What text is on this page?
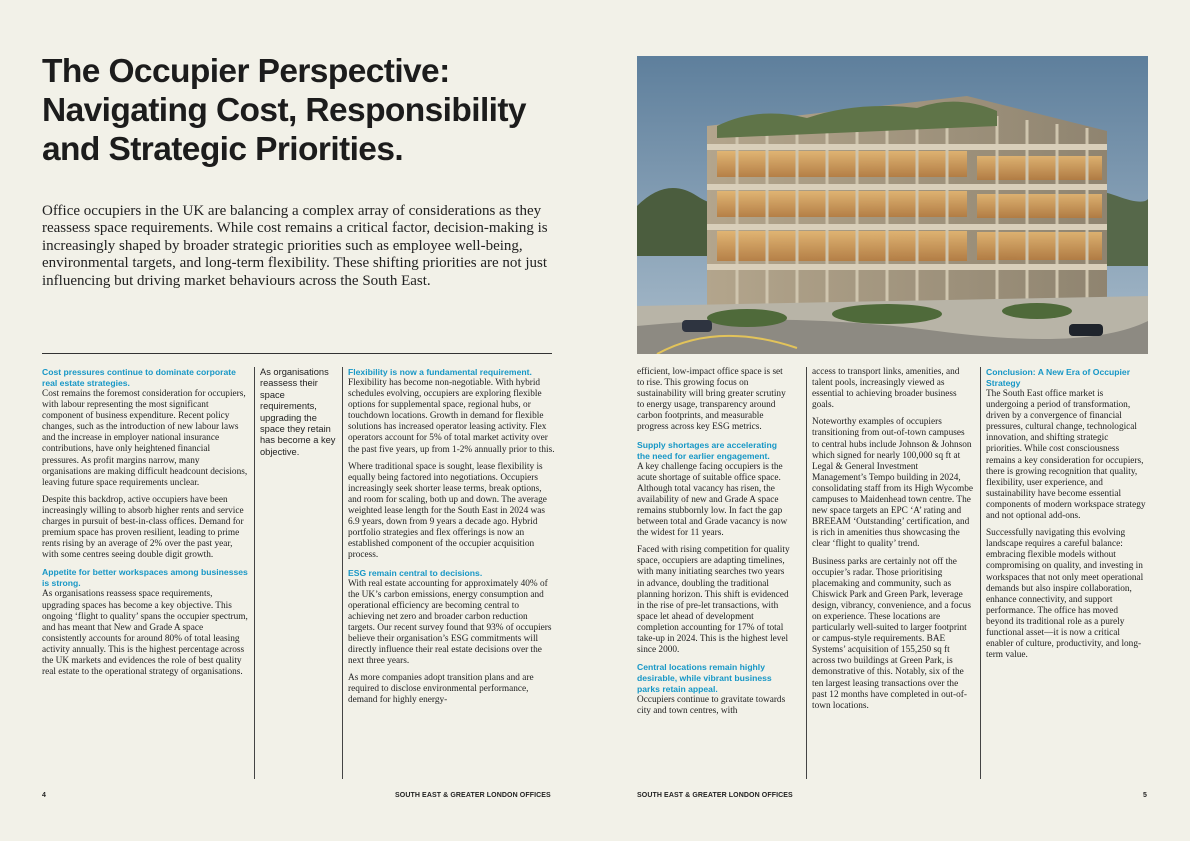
The Occupier Perspective: Navigating Cost, Responsibility and Strategic Priorities.

Office occupiers in the UK are balancing a complex array of considerations as they reassess space requirements. While cost remains a critical factor, decision-making is increasingly shaped by broader strategic priorities such as employee well-being, environmental targets, and long-term flexibility. These shifting priorities are not just influencing but driving market behaviours across the South East.

Cost pressures continue to dominate corporate real estate strategies.

Cost remains the foremost consideration for occupiers, with labour representing the most significant component of business expenditure. Recent policy changes, such as the introduction of new labour laws and the increase in employer national insurance contributions, have only heightened financial pressures. As profit margins narrow, many organisations are making difficult headcount decisions, leaving future space requirements unclear.

Despite this backdrop, active occupiers have been increasingly willing to absorb higher rents and service charges in pursuit of best-in-class offices. Demand for premium space has proven resilient, leading to prime rents rising by an average of 2% over the past year, with some centres seeing double digit growth.

Appetite for better workspaces among businesses is strong.

As organisations reassess space requirements, upgrading spaces has become a key objective. This ongoing ‘flight to quality’ spans the occupier spectrum, and has meant that New and Grade A space consistently accounts for around 80% of total leasing activity annually. This is the highest percentage across the UK markets and evidences the role of best quality real estate to the operational strategy of organisations.

As organisations reassess their space requirements, upgrading the space they retain has become a key objective.
Flexibility is now a fundamental requirement.

Flexibility has become non-negotiable. With hybrid schedules evolving, occupiers are exploring flexible options for supplemental space, regional hubs, or touchdown locations. Growth in demand for flexible solutions has increased operator leasing activity. Flex operators account for 5% of total market activity over the past five years, up from 1-2% annually prior to this.

Where traditional space is sought, lease flexibility is equally being factored into negotiations. Occupiers increasingly seek shorter lease terms, break options, and room for scaling, both up and down. The average weighted lease length for the South East in 2024 was 6.9 years, down from 9 years a decade ago. Hybrid portfolio strategies and flex offerings is now an established component of the occupier acquisition process.

ESG remain central to decisions.

With real estate accounting for approximately 40% of the UK’s carbon emissions, energy consumption and operational efficiency are becoming central to achieving net zero and broader carbon reduction targets. Our recent survey found that 93% of occupiers believe their organisation’s ESG commitments will directly influence their real estate decisions over the next three years.

As more companies adopt transition plans and are required to disclose environmental performance, demand for highly energy-

4	SOUTH EAST & GREATER LONDON OFFICES

efficient, low-impact office space is set to rise. This growing focus on sustainability will bring greater scrutiny to energy usage, transparency around carbon footprints, and measurable progress across key ESG metrics.

Supply shortages are accelerating the need for earlier engagement.

A key challenge facing occupiers is the acute shortage of suitable office space. Although total vacancy has risen, the availability of new and Grade A space remains stubbornly low. In fact the gap between total and Grade vacancy is now the widest for 11 years.

Faced with rising competition for quality space, occupiers are adapting timelines, with many initiating searches two years in advance, doubling the traditional planning horizon. This shift is evidenced in the rise of pre-let transactions, with space let ahead of development completion accounting for 17% of total take-up in 2024. This is the highest level since 2000.

Central locations remain highly desirable, while vibrant business parks retain appeal.

Occupiers continue to gravitate towards city and town centres, with

access to transport links, amenities, and talent pools, increasingly viewed as essential to achieving broader business goals.

Noteworthy examples of occupiers transitioning from out-of-town campuses to central hubs include Johnson & Johnson which signed for nearly 100,000 sq ft at Legal & General Investment Management’s Tempo building in 2024, consolidating staff from its High Wycombe campuses to Maidenhead town centre. The new space targets an EPC ‘A’ rating and BREEAM ‘Outstanding’ certification, and is rich in amenities thus showcasing the clear ‘flight to quality’ trend.

Business parks are certainly not off the occupier’s radar. Those prioritising placemaking and community, such as Chiswick Park and Green Park, leverage design, vibrancy, convenience, and a focus on experience. These locations are particularly well-suited to larger footprint or campus-style requirements. BAE Systems’ acquisition of 155,250 sq ft across two buildings at Green Park, is demonstrative of this. Notably, six of the ten largest leasing transactions over the past 12 months have completed in out-of-town locations.

Conclusion: A New Era of Occupier Strategy

The South East office market is undergoing a period of transformation, driven by a convergence of financial pressures, cultural change, technological innovation, and shifting strategic priorities. While cost consciousness remains a key consideration for occupiers, there is growing recognition that quality, flexibility, user experience, and sustainability have become essential components of modern workspace strategy and not optional add-ons.

Successfully navigating this evolving landscape requires a careful balance: embracing flexible models without compromising on quality, and investing in workspaces that not only meet operational demands but also inspire collaboration, enhance connectivity, and support performance. The office has moved beyond its traditional role as a purely functional asset—it is now a critical enabler of culture, productivity, and long-term value.

SOUTH EAST & GREATER LONDON OFFICES	5
